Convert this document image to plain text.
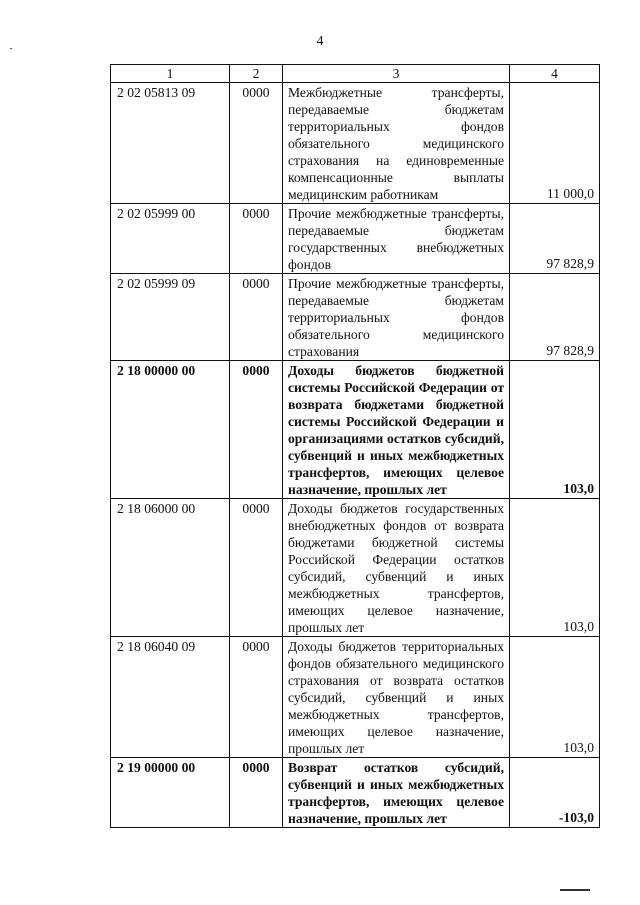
4
1	2	3	4
2 02 05813 09	0000	Межбюджетные трансферты, передаваемые бюджетам территориальных фондов обязательного медицинского страхования на единовременные компенсационные выплаты медицинским работникам	11 000,0
2 02 05999 00	0000	Прочие межбюджетные трансферты, передаваемые бюджетам государственных внебюджетных фондов	97 828,9
2 02 05999 09	0000	Прочие межбюджетные трансферты, передаваемые бюджетам территориальных фондов обязательного медицинского страхования	97 828,9
2 18 00000 00	0000	Доходы бюджетов бюджетной системы Российской Федерации от возврата бюджетами бюджетной системы Российской Федерации и организациями остатков субсидий, субвенций и иных межбюджетных трансфертов, имеющих целевое назначение, прошлых лет	103,0
2 18 06000 00	0000	Доходы бюджетов государственных внебюджетных фондов от возврата бюджетами бюджетной системы Российской Федерации остатков субсидий, субвенций и иных межбюджетных трансфертов, имеющих целевое назначение, прошлых лет	103,0
2 18 06040 09	0000	Доходы бюджетов территориальных фондов обязательного медицинского страхования от возврата остатков субсидий, субвенций и иных межбюджетных трансфертов, имеющих целевое назначение, прошлых лет	103,0
2 19 00000 00	0000	Возврат остатков субсидий, субвенций и иных межбюджетных трансфертов, имеющих целевое назначение, прошлых лет	-103,0
